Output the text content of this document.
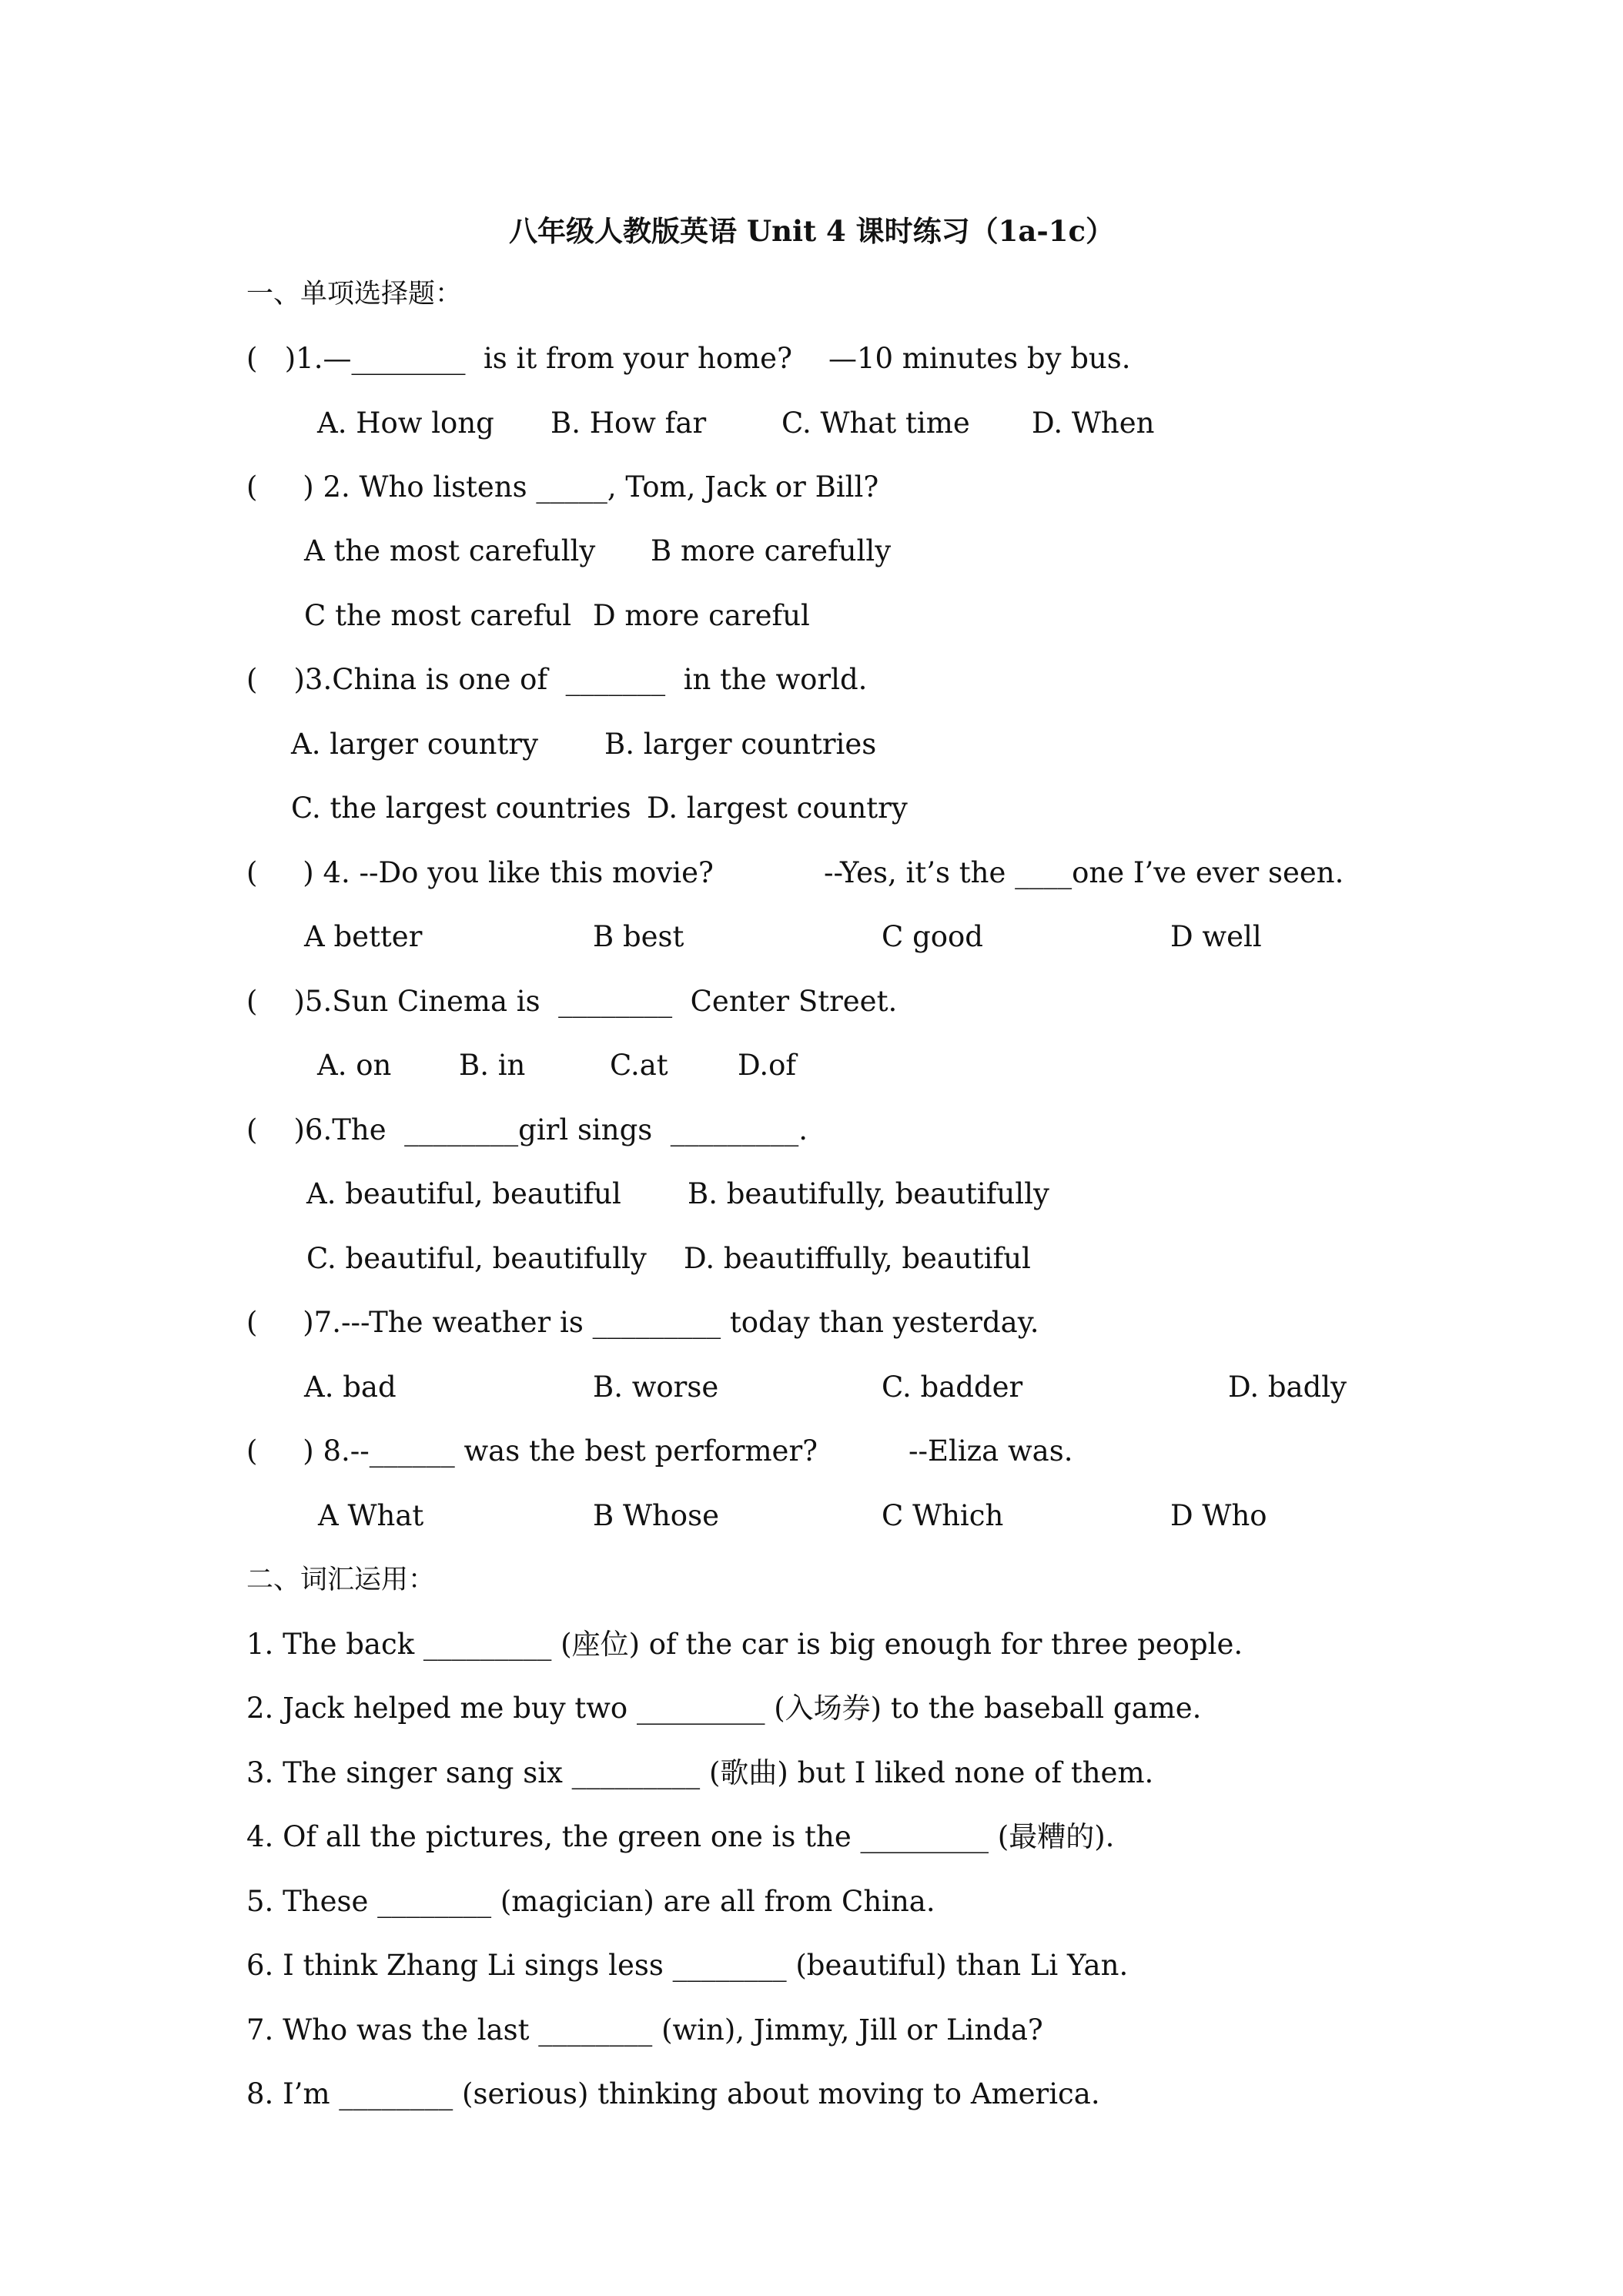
八年级人教版英语 Unit 4 课时练习（1a-1c）
一、单项选择题：
(   )1.—________  is it from your home?    —10 minutes by bus.
A. How long B. How far	C. What time D. When
(     ) 2. Who listens _____, Tom, Jack or Bill?
A the most carefully B more carefully
C the most careful D more careful
(    )3.China is one of  _______  in the world.
A. larger country B. larger countries
C. the largest countries D. largest country
(     ) 4. --Do you like this movie?	--Yes, it’s the ____one I’ve ever seen.
A better	B best	C good	D well
(    )5.Sun Cinema is  ________  Center Street.
A. on B. in	C.at D.of
(    )6.The  ________girl sings  _________.
A. beautiful, beautiful B. beautifully, beautifully
C. beautiful, beautifully D. beautiffully, beautiful
(     )7.---The weather is _________ today than yesterday.
A. bad	B. worse	C. badder	D. badly
(     ) 8.--______ was the best performer?	--Eliza was.
A What	B Whose	C Which	D Who
二、词汇运用：
1. The back _________ (座位) of the car is big enough for three people.
2. Jack helped me buy two _________ (入场券) to the baseball game.
3. The singer sang six _________ (歌曲) but I liked none of them.
4. Of all the pictures, the green one is the _________ (最糟的).
5. These ________ (magician) are all from China.
6. I think Zhang Li sings less ________ (beautiful) than Li Yan.
7. Who was the last ________ (win), Jimmy, Jill or Linda?
8. I’m ________ (serious) thinking about moving to America.
